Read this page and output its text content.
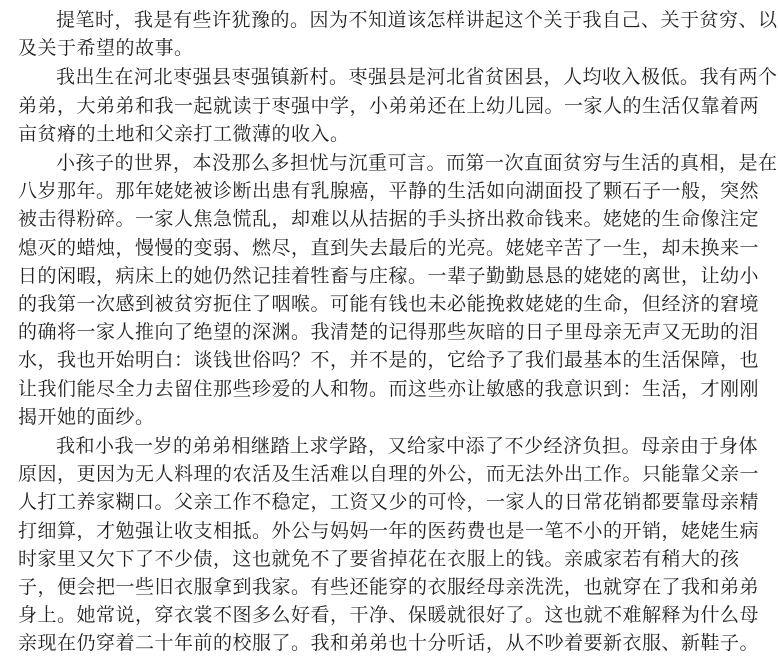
提笔时，我是有些许犹豫的。因为不知道该怎样讲起这个关于我自己、关于贫穷、以
及关于希望的故事。

我出生在河北枣强县枣强镇新村。枣强县是河北省贫困县，人均收入极低。我有两个
弟弟，大弟弟和我一起就读于枣强中学，小弟弟还在上幼儿园。一家人的生活仅靠着两
亩贫瘠的土地和父亲打工微薄的收入。

小孩子的世界，本没那么多担忧与沉重可言。而第一次直面贫穷与生活的真相，是在
八岁那年。那年姥姥被诊断出患有乳腺癌，平静的生活如向湖面投了颗石子一般，突然
被击得粉碎。一家人焦急慌乱，却难以从拮据的手头挤出救命钱来。姥姥的生命像注定
熄灭的蜡烛，慢慢的变弱、燃尽，直到失去最后的光亮。姥姥辛苦了一生，却未换来一
日的闲暇，病床上的她仍然记挂着牲畜与庄稼。一辈子勤勤恳恳的姥姥的离世，让幼小
的我第一次感到被贫穷扼住了咽喉。可能有钱也未必能挽救姥姥的生命，但经济的窘境
的确将一家人推向了绝望的深渊。我清楚的记得那些灰暗的日子里母亲无声又无助的泪
水，我也开始明白：谈钱世俗吗？不，并不是的，它给予了我们最基本的生活保障，也
让我们能尽全力去留住那些珍爱的人和物。而这些亦让敏感的我意识到：生活，才刚刚
揭开她的面纱。

我和小我一岁的弟弟相继踏上求学路，又给家中添了不少经济负担。母亲由于身体
原因，更因为无人料理的农活及生活难以自理的外公，而无法外出工作。只能靠父亲一
人打工养家糊口。父亲工作不稳定，工资又少的可怜，一家人的日常花销都要靠母亲精
打细算，才勉强让收支相抵。外公与妈妈一年的医药费也是一笔不小的开销，姥姥生病
时家里又欠下了不少债，这也就免不了要省掉花在衣服上的钱。亲戚家若有稍大的孩
子，便会把一些旧衣服拿到我家。有些还能穿的衣服经母亲洗洗，也就穿在了我和弟弟
身上。她常说，穿衣裳不图多么好看，干净、保暖就很好了。这也就不难解释为什么母
亲现在仍穿着二十年前的校服了。我和弟弟也十分听话，从不吵着要新衣服、新鞋子。
